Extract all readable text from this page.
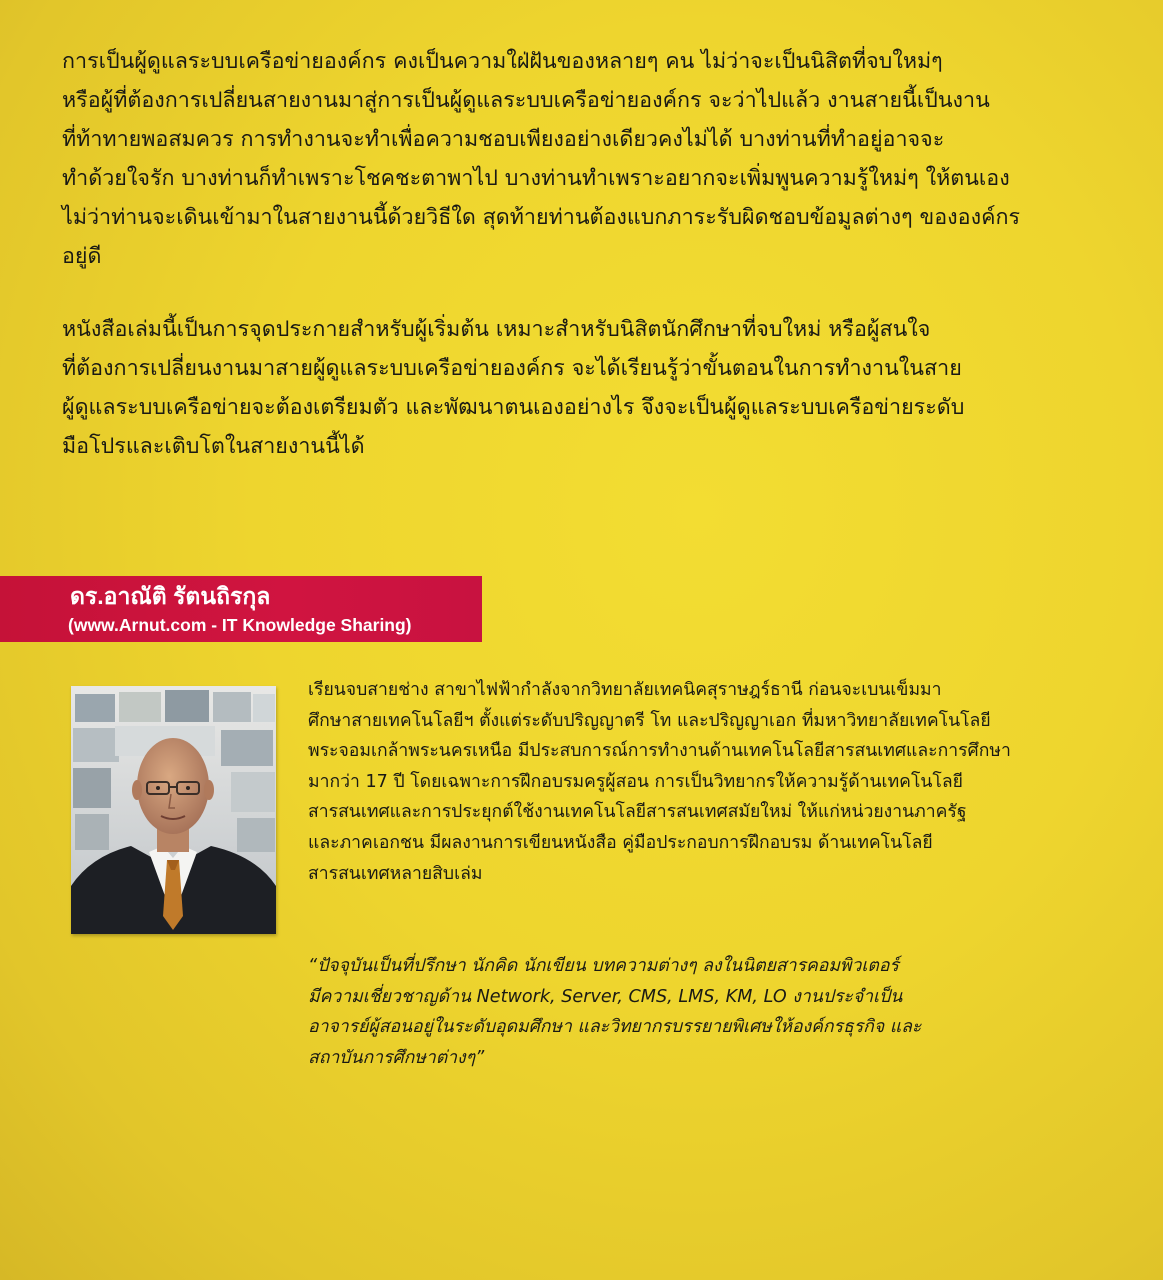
การเป็นผู้ดูแลระบบเครือข่ายองค์กร คงเป็นความใฝ่ฝันของหลายๆ คน ไม่ว่าจะเป็นนิสิตที่จบใหม่ๆ
หรือผู้ที่ต้องการเปลี่ยนสายงานมาสู่การเป็นผู้ดูแลระบบเครือข่ายองค์กร จะว่าไปแล้ว งานสายนี้เป็นงาน
ที่ท้าทายพอสมควร การทำงานจะทำเพื่อความชอบเพียงอย่างเดียวคงไม่ได้ บางท่านที่ทำอยู่อาจจะ
ทำด้วยใจรัก บางท่านก็ทำเพราะโชคชะตาพาไป บางท่านทำเพราะอยากจะเพิ่มพูนความรู้ใหม่ๆ ให้ตนเอง
ไม่ว่าท่านจะเดินเข้ามาในสายงานนี้ด้วยวิธีใด สุดท้ายท่านต้องแบกภาระรับผิดชอบข้อมูลต่างๆ ขององค์กร
อยู่ดี

หนังสือเล่มนี้เป็นการจุดประกายสำหรับผู้เริ่มต้น เหมาะสำหรับนิสิตนักศึกษาที่จบใหม่ หรือผู้สนใจ
ที่ต้องการเปลี่ยนงานมาสายผู้ดูแลระบบเครือข่ายองค์กร จะได้เรียนรู้ว่าขั้นตอนในการทำงานในสาย
ผู้ดูแลระบบเครือข่ายจะต้องเตรียมตัว และพัฒนาตนเองอย่างไร จึงจะเป็นผู้ดูแลระบบเครือข่ายระดับ
มือโปรและเติบโตในสายงานนี้ได้

ดร.อาณัติ รัตนถิรกุล
(www.Arnut.com - IT Knowledge Sharing)

เรียนจบสายช่าง สาขาไฟฟ้ากำลังจากวิทยาลัยเทคนิคสุราษฎร์ธานี ก่อนจะเบนเข็มมา
ศึกษาสายเทคโนโลยีฯ ตั้งแต่ระดับปริญญาตรี โท และปริญญาเอก ที่มหาวิทยาลัยเทคโนโลยี
พระจอมเกล้าพระนครเหนือ มีประสบการณ์การทำงานด้านเทคโนโลยีสารสนเทศและการศึกษา
มากว่า 17 ปี โดยเฉพาะการฝึกอบรมครูผู้สอน การเป็นวิทยากรให้ความรู้ด้านเทคโนโลยี
สารสนเทศและการประยุกต์ใช้งานเทคโนโลยีสารสนเทศสมัยใหม่ ให้แก่หน่วยงานภาครัฐ
และภาคเอกชน มีผลงานการเขียนหนังสือ คู่มือประกอบการฝึกอบรม ด้านเทคโนโลยี
สารสนเทศหลายสิบเล่ม

“ปัจจุบันเป็นที่ปรึกษา นักคิด นักเขียน บทความต่างๆ ลงในนิตยสารคอมพิวเตอร์
มีความเชี่ยวชาญด้าน Network, Server, CMS, LMS, KM, LO งานประจำเป็น
อาจารย์ผู้สอนอยู่ในระดับอุดมศึกษา และวิทยากรบรรยายพิเศษให้องค์กรธุรกิจ และ
สถาบันการศึกษาต่างๆ”
